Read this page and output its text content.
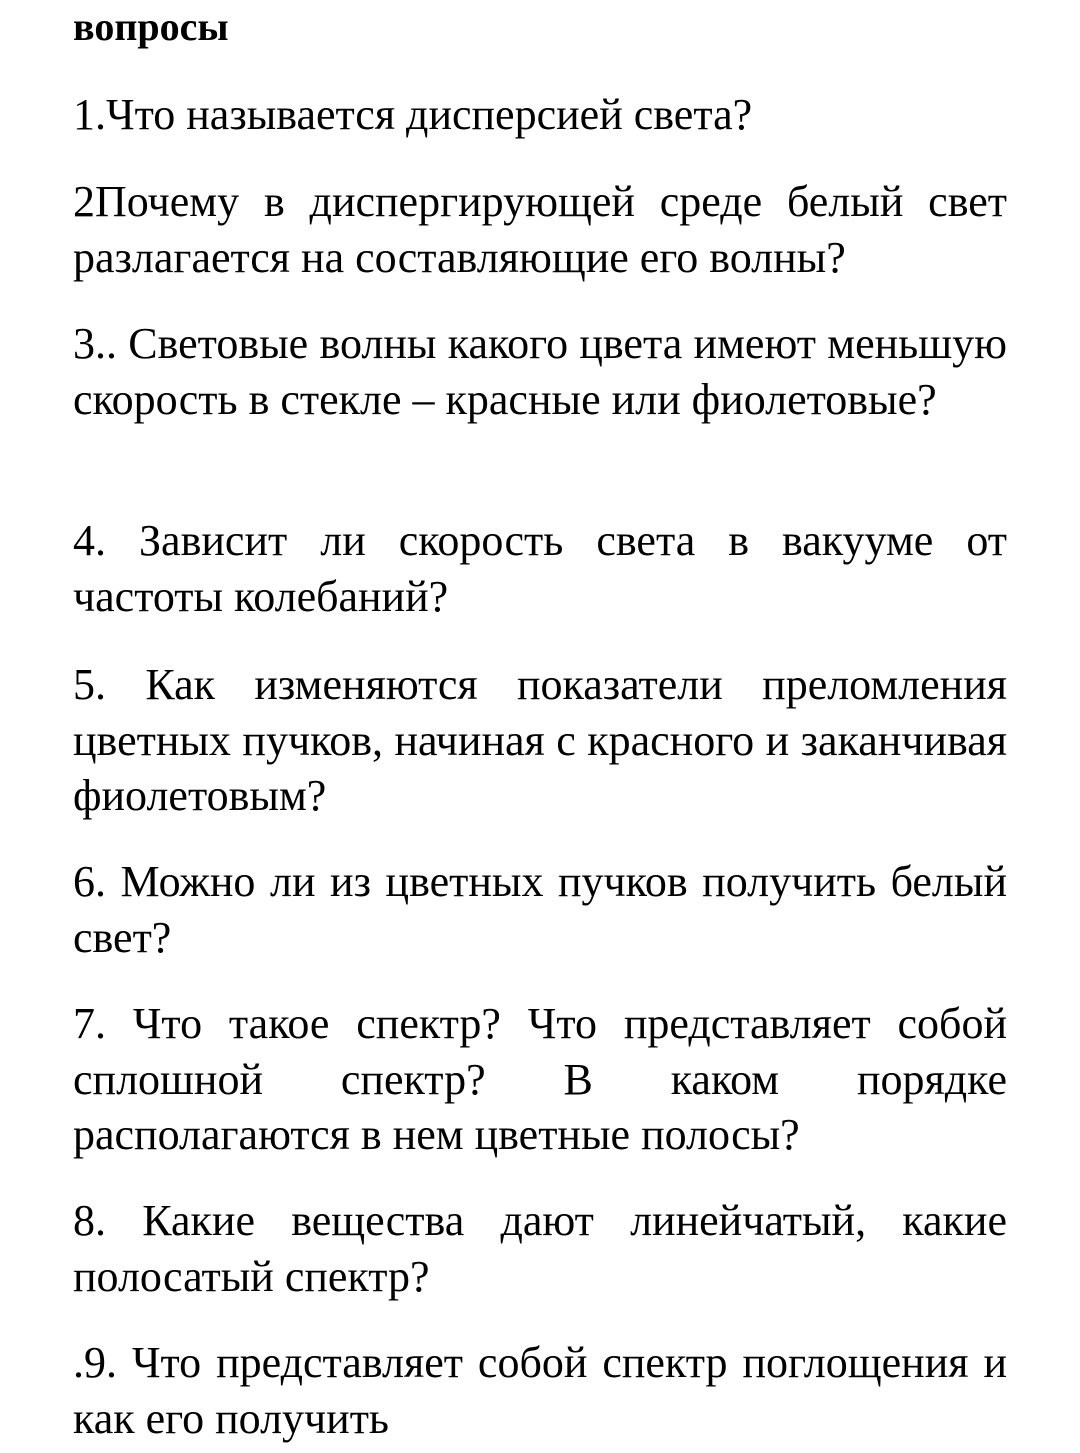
вопросы

1.Что называется дисперсией света?

2Почему в диспергирующей среде белый свет разлагается на составляющие его волны?

3.. Световые волны какого цвета имеют меньшую скорость в стекле – красные или фиолетовые?

4. Зависит ли скорость света в вакууме от частоты колебаний?

5. Как изменяются показатели преломления цветных пучков, начиная с красного и заканчивая фиолетовым?

6. Можно ли из цветных пучков получить белый свет?

7. Что такое спектр? Что представляет собой сплошной спектр? В каком порядке располагаются в нем цветные полосы?

8. Какие вещества дают линейчатый, какие полосатый спектр?

.9. Что представляет собой спектр поглощения и как его получить
